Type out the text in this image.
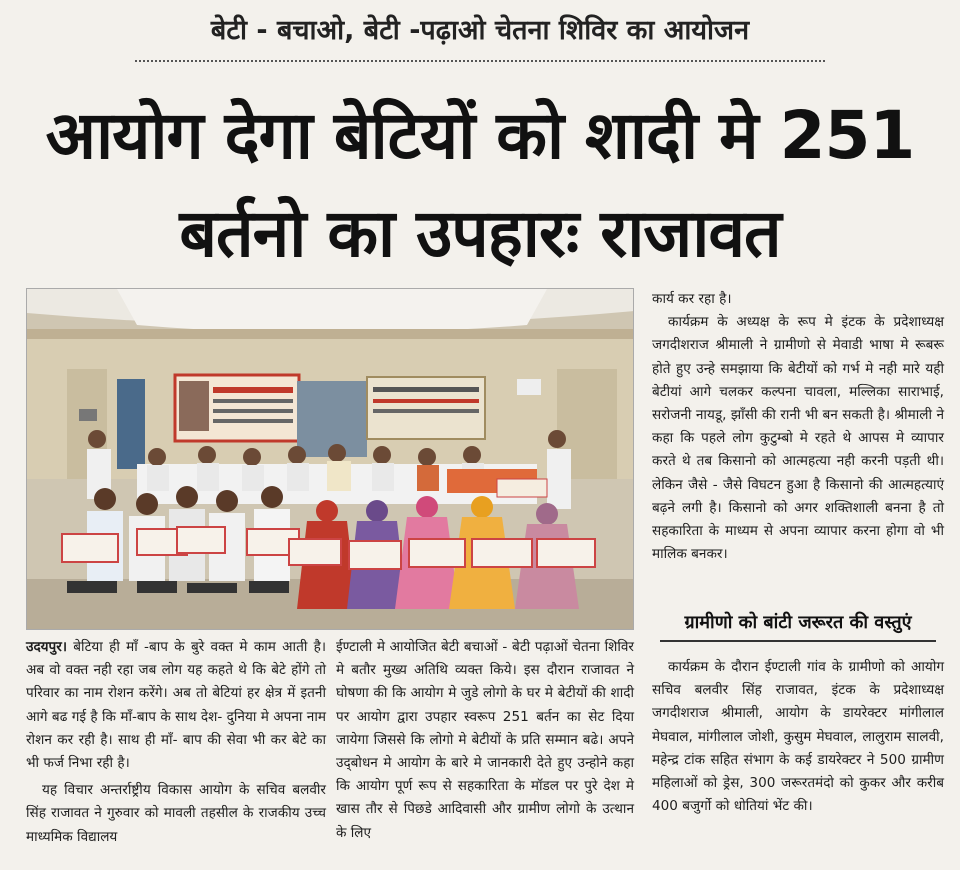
बेटी - बचाओ, बेटी -पढ़ाओ चेतना शिविर का आयोजन
आयोग देगा बेटियों को शादी मे 251
बर्तनो का उपहारः राजावत

कार्य कर रहा है।

कार्यक्रम के अध्यक्ष के रूप मे इंटक के प्रदेशाध्यक्ष जगदीशराज श्रीमाली ने ग्रामीणो से मेवाडी भाषा मे रूबरू होते हुए उन्हे समझाया कि बेटीयों को गर्भ मे नही मारे यही बेटीयां आगे चलकर कल्पना चावला, मल्लिका साराभाई, सरोजनी नायडू, झाँसी की रानी भी बन सकती है। श्रीमाली ने कहा कि पहले लोग कुटुम्बो मे रहते थे आपस मे व्यापार करते थे तब किसानो को आत्महत्या नही करनी पड़ती थी। लेकिन जैसे - जैसे विघटन हुआ है किसानो की आत्महत्याएं बढ़ने लगी है। किसानो को अगर शक्तिशाली बनना है तो सहकारिता के माध्यम से अपना व्यापार करना होगा वो भी मालिक बनकर।

ग्रामीणो को बांटी जरूरत की वस्तुएं

कार्यक्रम के दौरान ईण्टाली गांव के ग्रामीणो को आयोग सचिव बलवीर सिंह राजावत, इंटक के प्रदेशाध्यक्ष जगदीशराज श्रीमाली, आयोग के डायरेक्टर मांगीलाल मेघवाल, मांगीलाल जोशी, कुसुम मेघवाल, लालुराम सालवी, महेन्द्र टांक सहित संभाग के कई डायरेक्टर ने 500 ग्रामीण महिलाओं को ड्रेस, 300 जरूरतमंदो को कुकर और करीब 400 बजुर्गो को धोतियां भेंट की।

उदयपुर। बेटिया ही माँ -बाप के बुरे वक्त मे काम आती है। अब वो वक्त नही रहा जब लोग यह कहते थे कि बेटे होंगे तो परिवार का नाम रोशन करेंगे। अब तो बेटियां हर क्षेत्र में इतनी आगे बढ गई है कि माँ-बाप के साथ देश- दुनिया मे अपना नाम रोशन कर रही है। साथ ही माँ- बाप की सेवा भी कर बेटे का भी फर्ज निभा रही है।

यह विचार अन्तर्राष्ट्रीय विकास आयोग के सचिव बलवीर सिंह राजावत ने गुरुवार को मावली तहसील के राजकीय उच्च माध्यमिक विद्यालय

ईण्टाली मे आयोजित बेटी बचाओं - बेटी पढ़ाओं चेतना शिविर मे बतौर मुख्य अतिथि व्यक्त किये। इस दौरान राजावत ने घोषणा की कि आयोग मे जुडे लोगो के घर मे बेटीयों की शादी पर आयोग द्वारा उपहार स्वरूप 251 बर्तन का सेट दिया जायेगा जिससे कि लोगो मे बेटीयों के प्रति सम्मान बढे। अपने उद्‌बोधन मे आयोग के बारे मे जानकारी देते हुए उन्होने कहा कि आयोग पूर्ण रूप से सहकारिता के मॉडल पर पुरे देश मे खास तौर से पिछडे आदिवासी और ग्रामीण लोगो के उत्थान के लिए
